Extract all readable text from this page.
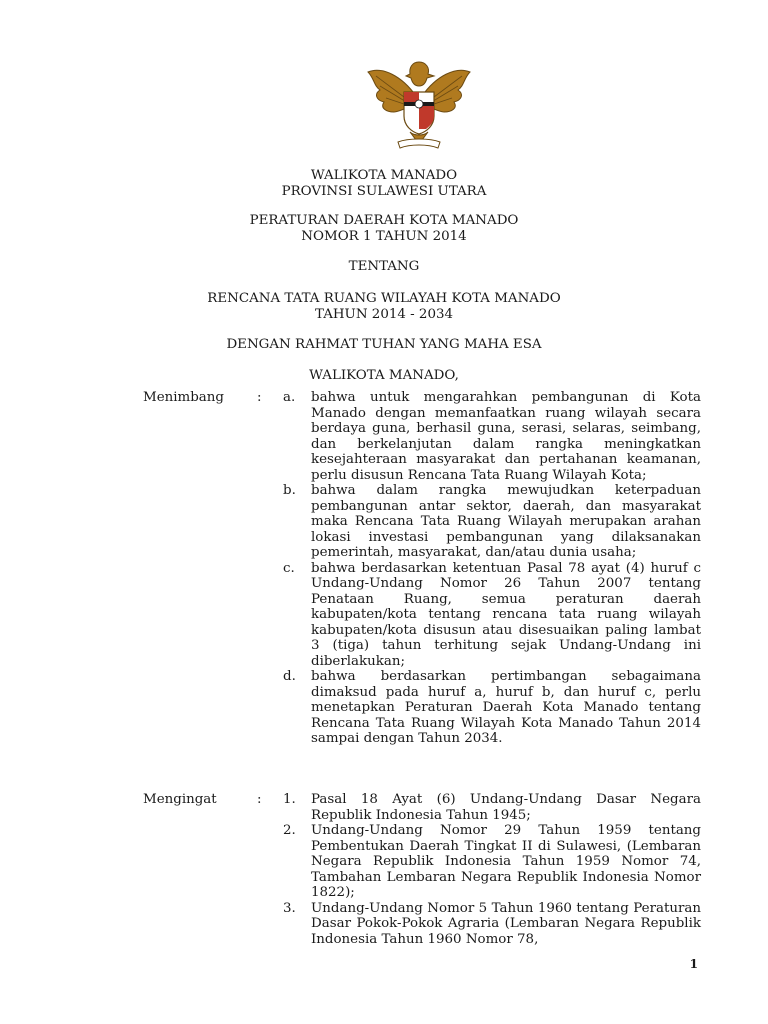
WALIKOTA MANADO
PROVINSI SULAWESI UTARA
PERATURAN DAERAH KOTA MANADO
NOMOR 1 TAHUN 2014
TENTANG
RENCANA TATA RUANG WILAYAH KOTA MANADO
TAHUN 2014 - 2034
DENGAN RAHMAT TUHAN YANG MAHA ESA
WALIKOTA MANADO,
Menimbang : a. bahwa untuk mengarahkan pembangunan di Kota Manado dengan memanfaatkan ruang wilayah secara berdaya guna, berhasil guna, serasi, selaras, seimbang, dan berkelanjutan dalam rangka meningkatkan kesejahteraan masyarakat dan pertahanan keamanan, perlu disusun Rencana Tata Ruang Wilayah Kota;
b. bahwa dalam rangka mewujudkan keterpaduan pembangunan antar sektor, daerah, dan masyarakat maka Rencana Tata Ruang Wilayah merupakan arahan lokasi investasi pembangunan yang dilaksanakan pemerintah, masyarakat, dan/atau dunia usaha;
c. bahwa berdasarkan ketentuan Pasal 78 ayat (4) huruf c Undang-Undang Nomor 26 Tahun 2007 tentang Penataan Ruang, semua peraturan daerah kabupaten/kota tentang rencana tata ruang wilayah kabupaten/kota disusun atau disesuaikan paling lambat 3 (tiga) tahun terhitung sejak Undang-Undang ini diberlakukan;
d. bahwa berdasarkan pertimbangan sebagaimana dimaksud pada huruf a, huruf b, dan huruf c, perlu menetapkan Peraturan Daerah Kota Manado tentang Rencana Tata Ruang Wilayah Kota Manado Tahun 2014 sampai dengan Tahun 2034.
Mengingat	: 1. Pasal 18 Ayat (6) Undang-Undang Dasar Negara Republik Indonesia Tahun 1945;
2. Undang-Undang Nomor 29 Tahun 1959 tentang Pembentukan Daerah Tingkat II di Sulawesi, (Lembaran Negara Republik Indonesia Tahun 1959 Nomor 74, Tambahan Lembaran Negara Republik Indonesia Nomor 1822);
3. Undang-Undang Nomor 5 Tahun 1960 tentang Peraturan Dasar Pokok-Pokok Agraria (Lembaran Negara Republik Indonesia Tahun 1960 Nomor 78,
1
